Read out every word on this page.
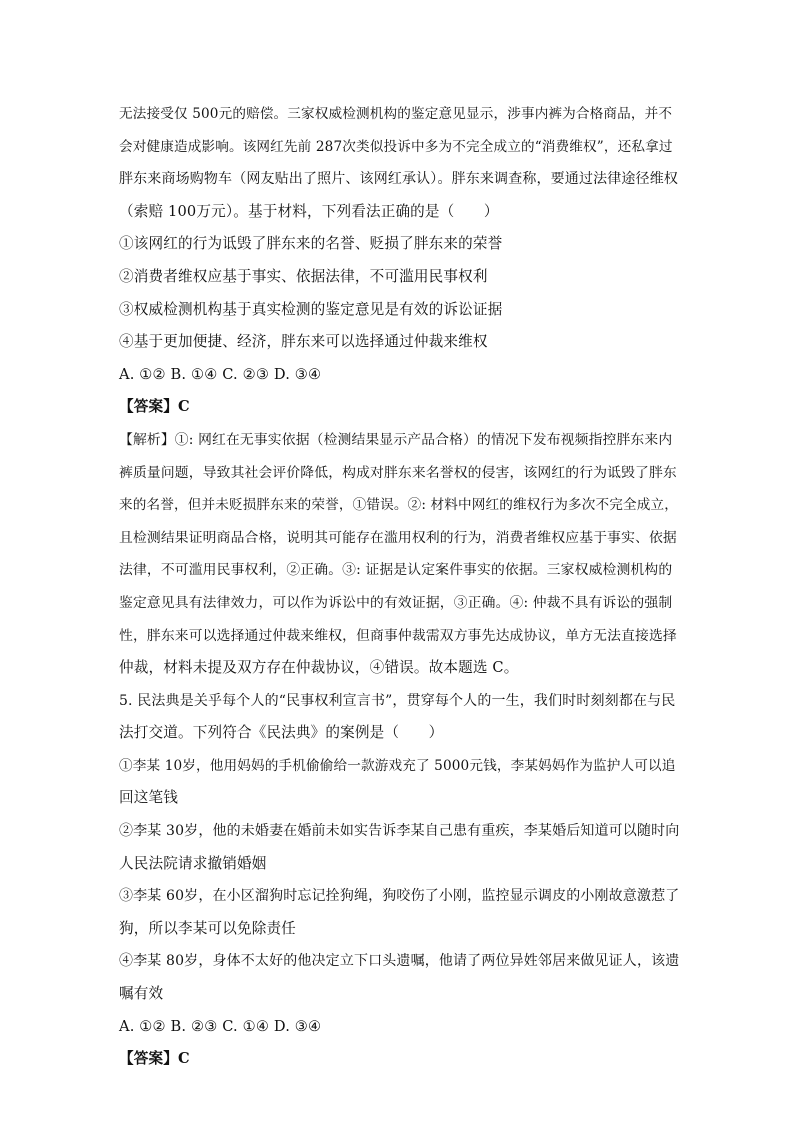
无法接受仅 500元的赔偿。三家权威检测机构的鉴定意见显示，涉事内裤为合格商品，并不
会对健康造成影响。该网红先前 287次类似投诉中多为不完全成立的“消费维权”，还私拿过
胖东来商场购物车（网友贴出了照片、该网红承认）。胖东来调查称，要通过法律途径维权
（索赔 100万元）。基于材料，下列看法正确的是（　　）
①该网红的行为诋毁了胖东来的名誉、贬损了胖东来的荣誉
②消费者维权应基于事实、依据法律，不可滥用民事权利
③权威检测机构基于真实检测的鉴定意见是有效的诉讼证据
④基于更加便捷、经济，胖东来可以选择通过仲裁来维权
A. ①② B. ①④ C. ②③ D. ③④
【答案】C
【解析】①: 网红在无事实依据（检测结果显示产品合格）的情况下发布视频指控胖东来内
裤质量问题，导致其社会评价降低，构成对胖东来名誉权的侵害，该网红的行为诋毁了胖东
来的名誉，但并未贬损胖东来的荣誉，①错误。②: 材料中网红的维权行为多次不完全成立，
且检测结果证明商品合格，说明其可能存在滥用权利的行为，消费者维权应基于事实、依据
法律，不可滥用民事权利，②正确。③: 证据是认定案件事实的依据。三家权威检测机构的
鉴定意见具有法律效力，可以作为诉讼中的有效证据，③正确。④: 仲裁不具有诉讼的强制
性，胖东来可以选择通过仲裁来维权，但商事仲裁需双方事先达成协议，单方无法直接选择
仲裁，材料未提及双方存在仲裁协议，④错误。故本题选 C。
5. 民法典是关乎每个人的“民事权利宣言书”，贯穿每个人的一生，我们时时刻刻都在与民
法打交道。下列符合《民法典》的案例是（　　）
①李某 10岁，他用妈妈的手机偷偷给一款游戏充了 5000元钱，李某妈妈作为监护人可以追
回这笔钱
②李某 30岁，他的未婚妻在婚前未如实告诉李某自己患有重疾，李某婚后知道可以随时向
人民法院请求撤销婚姻
③李某 60岁，在小区溜狗时忘记拴狗绳，狗咬伤了小刚，监控显示调皮的小刚故意激惹了
狗，所以李某可以免除责任
④李某 80岁，身体不太好的他决定立下口头遗嘱，他请了两位异姓邻居来做见证人，该遗
嘱有效
A. ①② B. ②③ C. ①④ D. ③④
【答案】C
